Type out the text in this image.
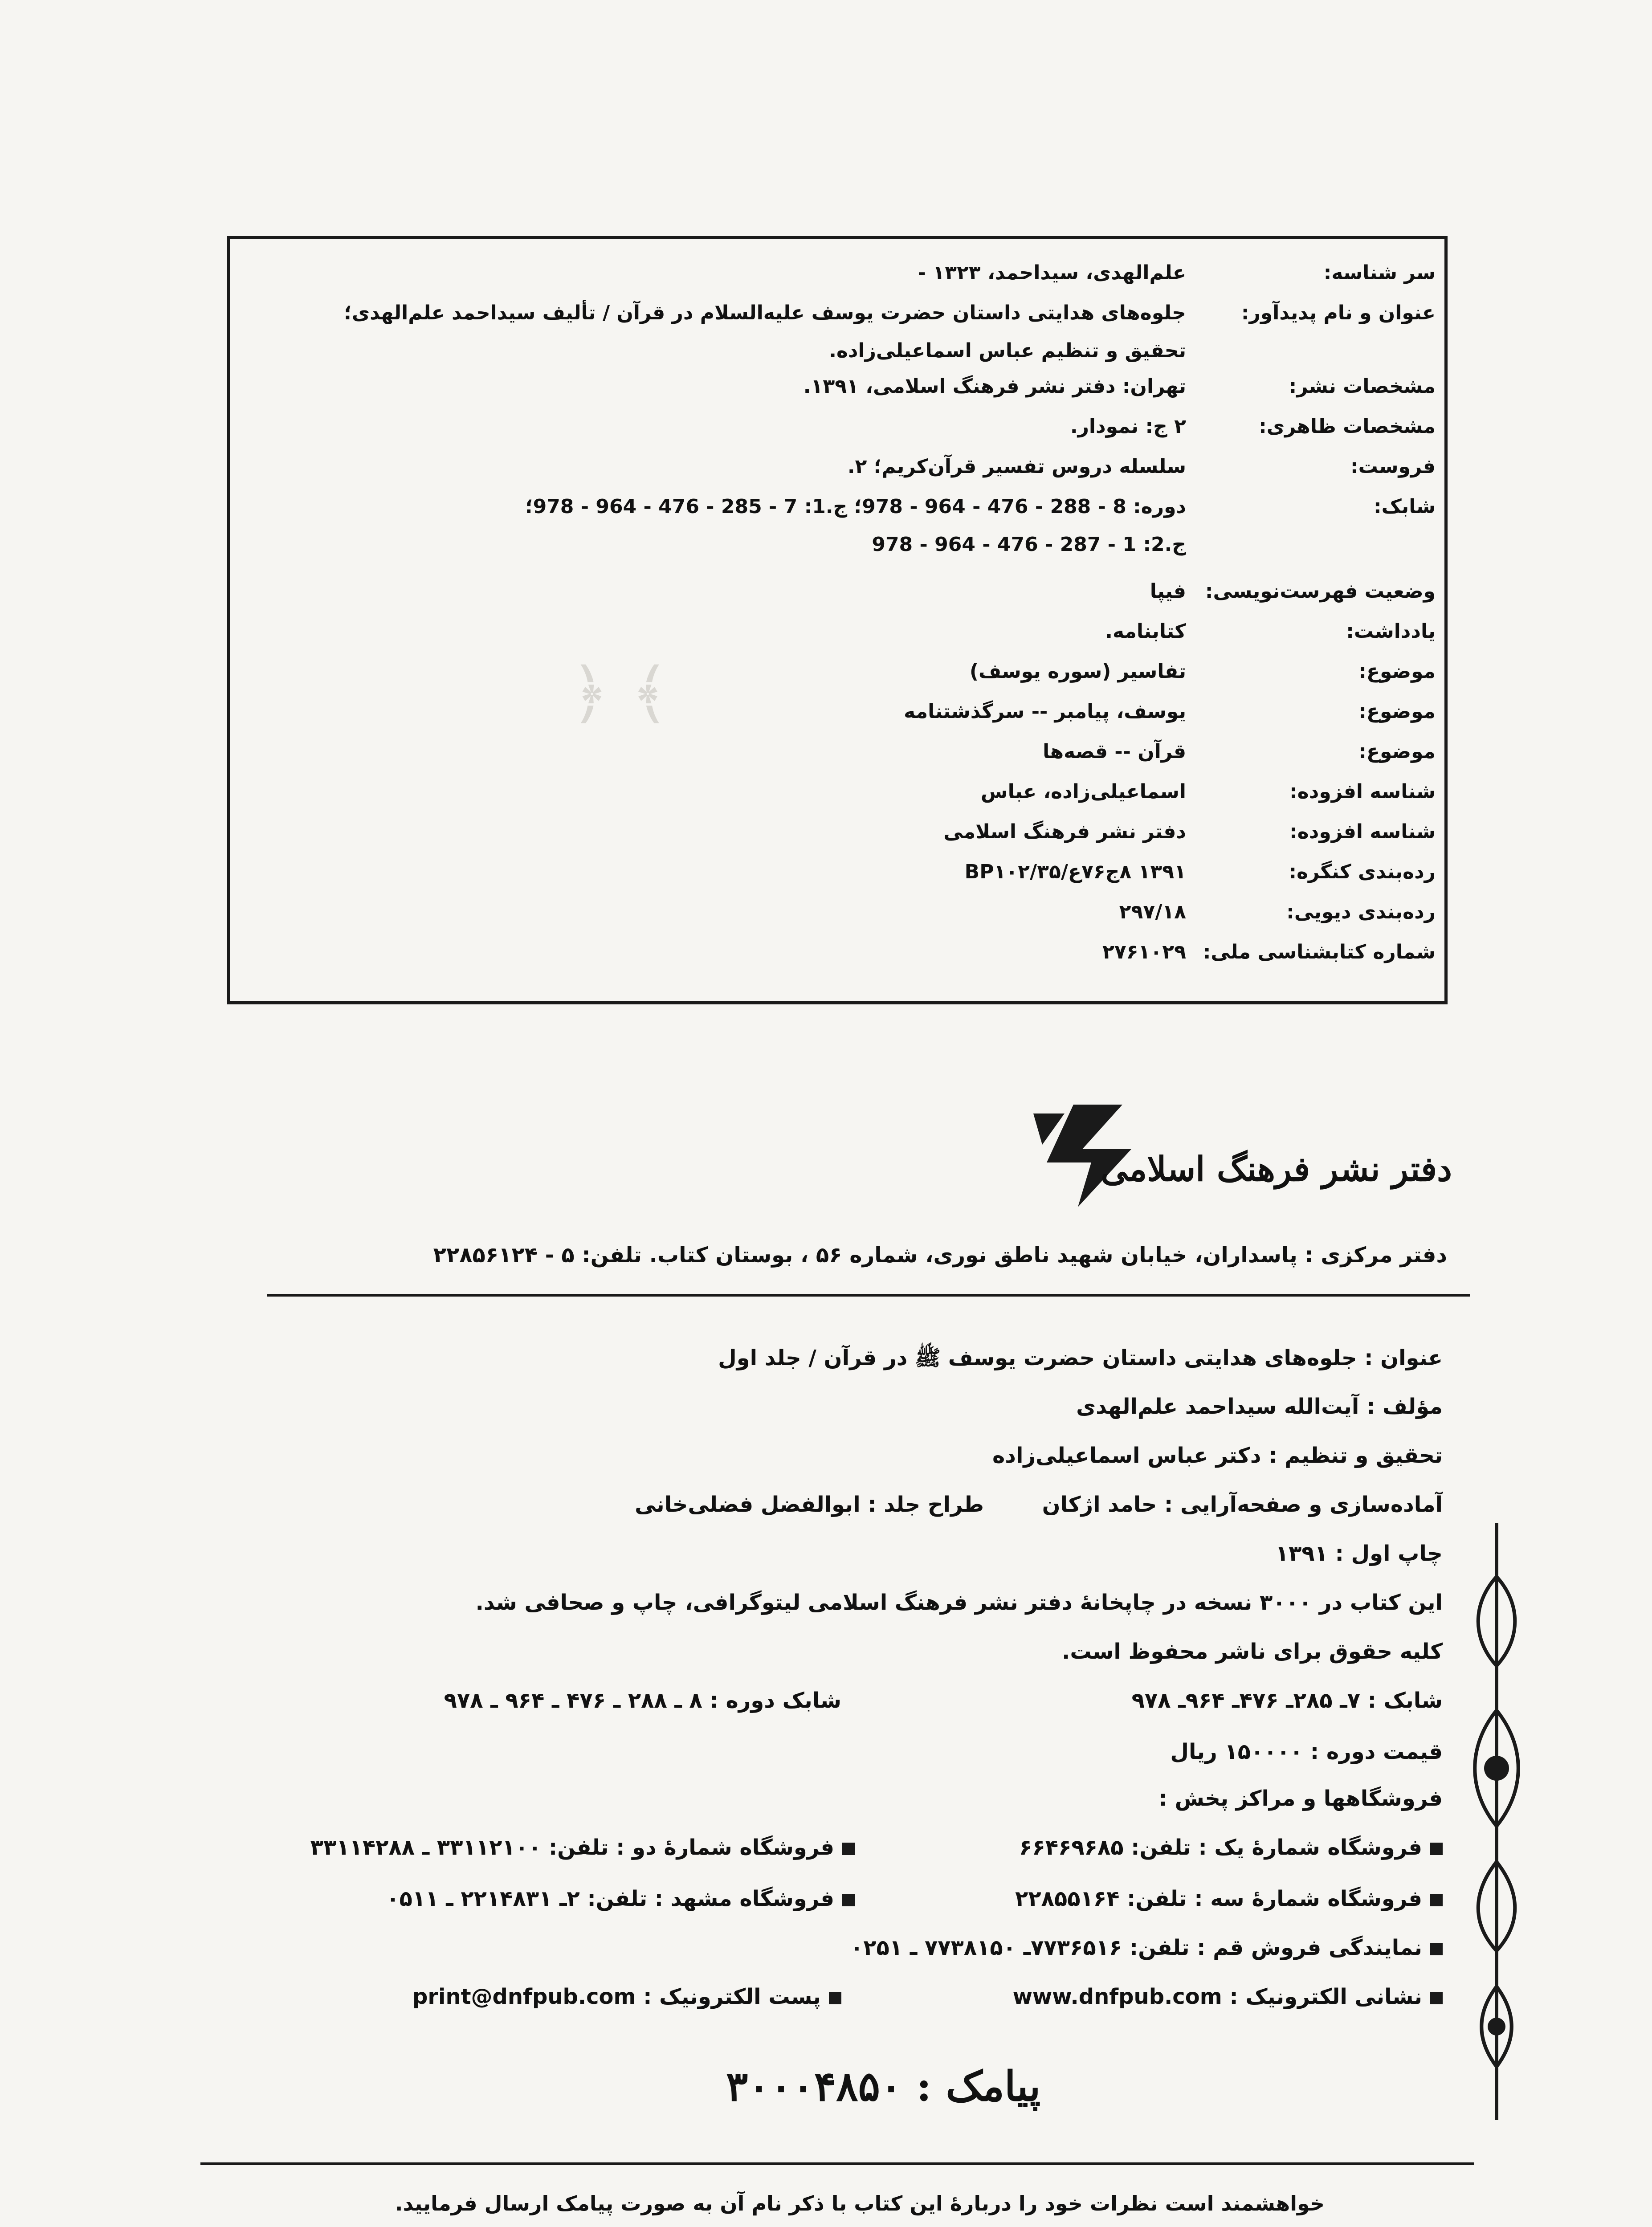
﴾ ﴿
سر شناسه:
علم‌الهدی، سیداحمد، ۱۳۲۳ -
عنوان و نام پدیدآور:
جلوه‌های هدایتی داستان حضرت یوسف علیه‌السلام در قرآن / تألیف سیداحمد علم‌الهدی؛
تحقیق و تنظیم عباس اسماعیلی‌زاده.
مشخصات نشر:
تهران: دفتر نشر فرهنگ اسلامی، ۱۳۹۱.
مشخصات ظاهری:
۲ ج: نمودار.
فروست:
سلسله دروس تفسیر قرآن‌کریم؛ ۲.
شابک:
دوره: 8 - 288 - 476 - 964 - 978؛ ج.1: 7 - 285 - 476 - 964 - 978؛
ج.2: 1 - 287 - 476 - 964 - 978
وضعیت فهرست‌نویسی:
فیپا
یادداشت:
کتابنامه.
موضوع:
تفاسیر (سوره یوسف)
موضوع:
یوسف، پیامبر -- سرگذشتنامه
موضوع:
قرآن -- قصه‌ها
شناسه افزوده:
اسماعیلی‌زاده، عباس
شناسه افزوده:
دفتر نشر فرهنگ اسلامی
رده‌بندی کنگره:
۱۳۹۱ ۸ج۷۶ع/BP۱۰۲/۳۵
رده‌بندی دیویی:
۲۹۷/۱۸
شماره کتابشناسی ملی:
۲۷۶۱۰۲۹
دفتر نشر فرهنگ اسلامی
دفتر مرکزی : پاسداران، خیابان شهید ناطق نوری، شماره ۵۶ ، بوستان کتاب. تلفن: ۵ - ۲۲۸۵۶۱۲۴
عنوان : جلوه‌های هدایتی داستان حضرت یوسف ﷺ در قرآن / جلد اول
مؤلف : آیت‌الله سیداحمد علم‌الهدی
تحقیق و تنظیم : دکتر عباس اسماعیلی‌زاده
آماده‌سازی و صفحه‌آرایی : حامد اژکان
طراح جلد : ابوالفضل فضلی‌خانی
چاپ اول : ۱۳۹۱
این کتاب در ۳۰۰۰ نسخه در چاپخانهٔ دفتر نشر فرهنگ اسلامی لیتوگرافی، چاپ و صحافی شد.
کلیه حقوق برای ناشر محفوظ است.
شابک : ۷ـ ۲۸۵ـ ۴۷۶ـ ۹۶۴ـ ۹۷۸
شابک دوره : ۸ ـ ۲۸۸ ـ ۴۷۶ ـ ۹۶۴ ـ ۹۷۸
قیمت دوره : ۱۵۰۰۰۰ ریال
فروشگاهها و مراکز پخش :
فروشگاه شمارهٔ یک : تلفن: ۶۶۴۶۹۶۸۵
فروشگاه شمارهٔ دو : تلفن: ۳۳۱۱۲۱۰۰ ـ ۳۳۱۱۴۲۸۸
فروشگاه شمارهٔ سه : تلفن: ۲۲۸۵۵۱۶۴
فروشگاه مشهد : تلفن: ۲ـ ۲۲۱۴۸۳۱ ـ ۰۵۱۱
نمایندگی فروش قم : تلفن: ۷۷۳۶۵۱۶ـ ۷۷۳۸۱۵۰ ـ ۰۲۵۱
نشانی الکترونیک : www.dnfpub.com
پست الکترونیک : print@dnfpub.com
پیامک : ۳۰۰۰۴۸۵۰
خواهشمند است نظرات خود را دربارهٔ این کتاب با ذکر نام آن به صورت پیامک ارسال فرمایید.
